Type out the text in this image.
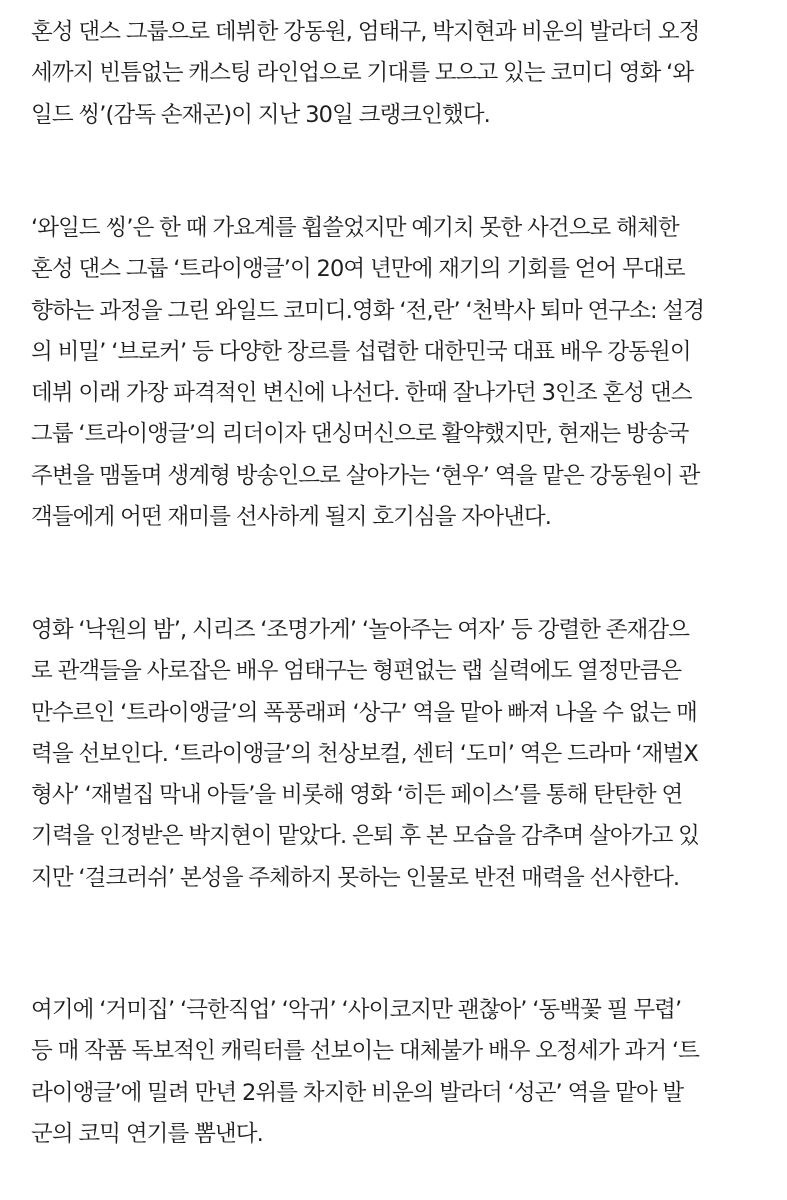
혼성 댄스 그룹으로 데뷔한 강동원, 엄태구, 박지현과 비운의 발라더 오정
세까지 빈틈없는 캐스팅 라인업으로 기대를 모으고 있는 코미디 영화 ‘와
일드 씽’(감독 손재곤)이 지난 30일 크랭크인했다.
‘와일드 씽’은 한 때 가요계를 휩쓸었지만 예기치 못한 사건으로 해체한
혼성 댄스 그룹 ‘트라이앵글’이 20여 년만에 재기의 기회를 얻어 무대로
향하는 과정을 그린 와일드 코미디.영화 ‘전,란’ ‘천박사 퇴마 연구소: 설경
의 비밀’ ‘브로커’ 등 다양한 장르를 섭렵한 대한민국 대표 배우 강동원이
데뷔 이래 가장 파격적인 변신에 나선다. 한때 잘나가던 3인조 혼성 댄스
그룹 ‘트라이앵글’의 리더이자 댄싱머신으로 활약했지만, 현재는 방송국
주변을 맴돌며 생계형 방송인으로 살아가는 ‘현우’ 역을 맡은 강동원이 관
객들에게 어떤 재미를 선사하게 될지 호기심을 자아낸다.
영화 ‘낙원의 밤’, 시리즈 ‘조명가게’ ‘놀아주는 여자’ 등 강렬한 존재감으
로 관객들을 사로잡은 배우 엄태구는 형편없는 랩 실력에도 열정만큼은
만수르인 ‘트라이앵글’의 폭풍래퍼 ‘상구’ 역을 맡아 빠져 나올 수 없는 매
력을 선보인다. ‘트라이앵글’의 천상보컬, 센터 ‘도미’ 역은 드라마 ‘재벌X
형사’ ‘재벌집 막내 아들’을 비롯해 영화 ‘히든 페이스’를 통해 탄탄한 연
기력을 인정받은 박지현이 맡았다. 은퇴 후 본 모습을 감추며 살아가고 있
지만 ‘걸크러쉬’ 본성을 주체하지 못하는 인물로 반전 매력을 선사한다.
여기에 ‘거미집’ ‘극한직업’ ‘악귀’ ‘사이코지만 괜찮아’ ‘동백꽃 필 무렵’
등 매 작품 독보적인 캐릭터를 선보이는 대체불가 배우 오정세가 과거 ‘트
라이앵글’에 밀려 만년 2위를 차지한 비운의 발라더 ‘성곤’ 역을 맡아 발
군의 코믹 연기를 뽐낸다.
